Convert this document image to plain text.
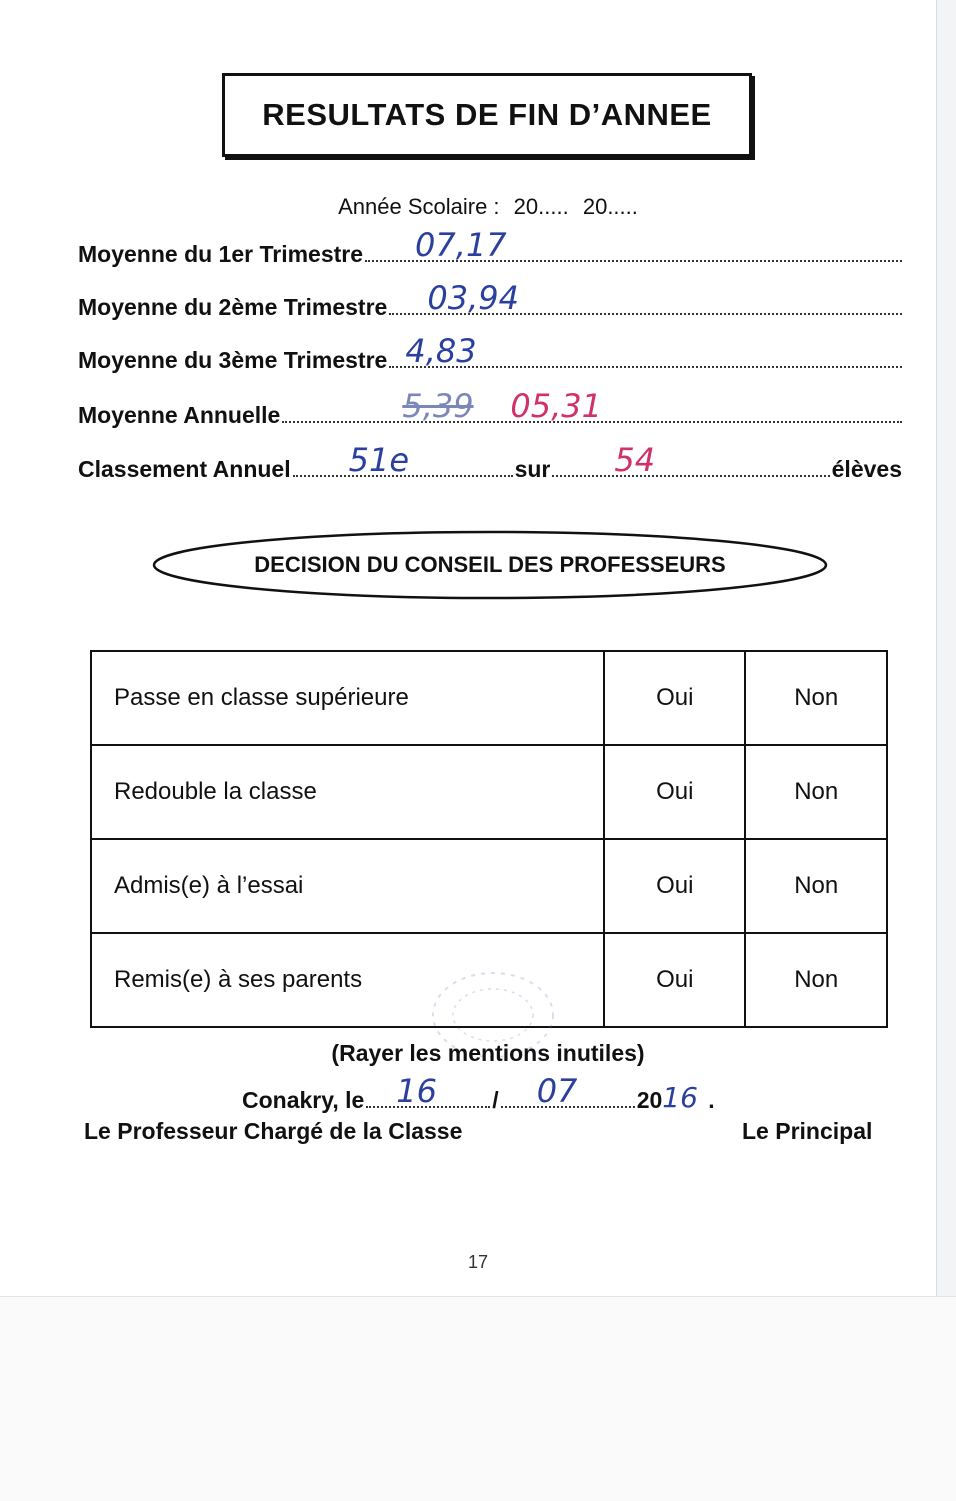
RESULTATS DE FIN D’ANNEE
Année Scolaire : 20..... 20.....
Moyenne du 1er Trimestre 07,17
Moyenne du 2ème Trimestre 03,94
Moyenne du 3ème Trimestre 4,83
Moyenne Annuelle	5,39 05,31
Classement Annuel 51e	sur 54	élèves
DECISION DU CONSEIL DES PROFESSEURS
Passe en classe supérieure	Oui	Non
Redouble la classe	Oui	Non
Admis(e) à l’essai	Oui	Non
Remis(e) à ses parents	Oui	Non
(Rayer les mentions inutiles)
Conakry, le 16 / 07	20 16 .
Le Professeur Chargé de la Classe	Le Principal
17
